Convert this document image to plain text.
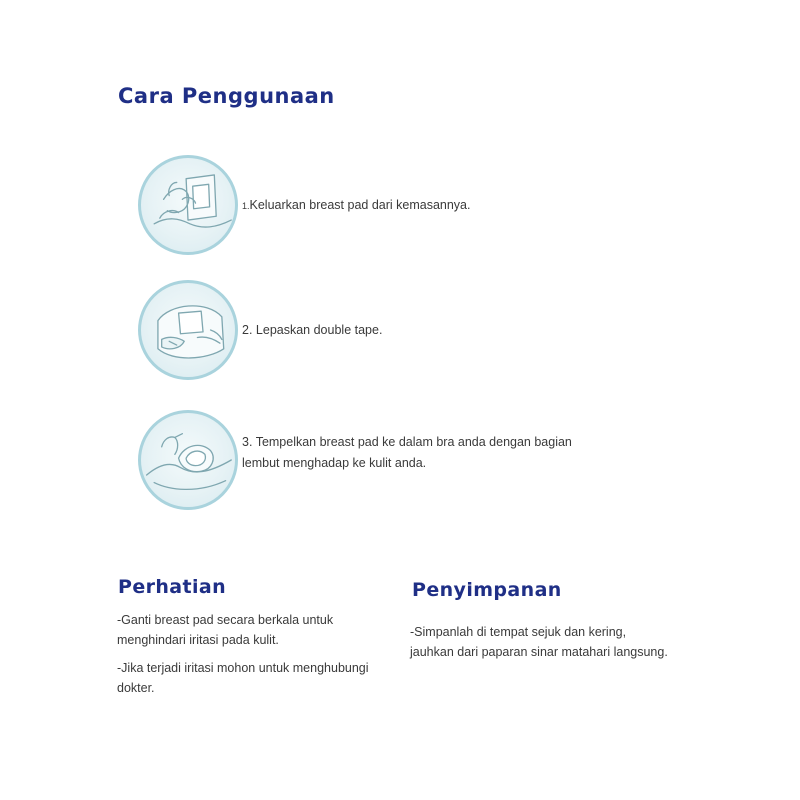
Cara Penggunaan
1.Keluarkan breast pad dari kemasannya.
2. Lepaskan double tape.
3. Tempelkan breast pad ke dalam bra anda dengan bagian
lembut menghadap ke kulit anda.
Perhatian

-Ganti breast pad secara berkala untuk menghindari iritasi pada kulit.

-Jika terjadi iritasi mohon untuk menghubungi dokter.

Penyimpanan

-Simpanlah di tempat sejuk dan kering, jauhkan dari paparan sinar matahari langsung.
